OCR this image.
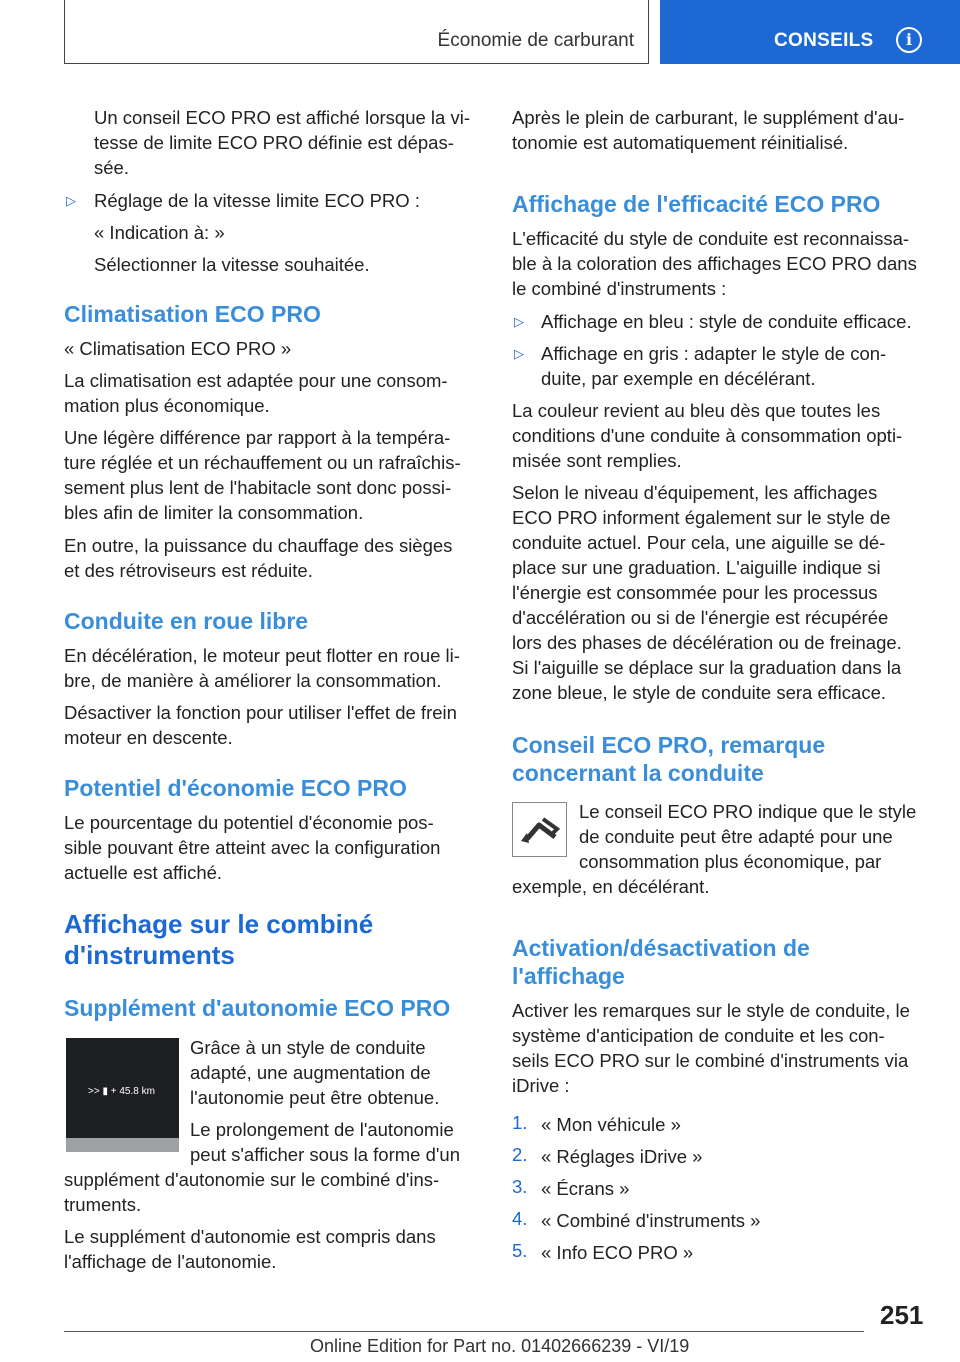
Économie de carburant	CONSEILS	i
Un conseil ECO PRO est affiché lorsque la vi-
tesse de limite ECO PRO définie est dépas-
sée.
▷ Réglage de la vitesse limite ECO PRO :
« Indication à: »
Sélectionner la vitesse souhaitée.
Climatisation ECO PRO
« Climatisation ECO PRO »
La climatisation est adaptée pour une consom-
mation plus économique.
Une légère différence par rapport à la tempéra-
ture réglée et un réchauffement ou un rafraîchis-
sement plus lent de l'habitacle sont donc possi-
bles afin de limiter la consommation.
En outre, la puissance du chauffage des sièges
et des rétroviseurs est réduite.
Conduite en roue libre
En décélération, le moteur peut flotter en roue li-
bre, de manière à améliorer la consommation.
Désactiver la fonction pour utiliser l'effet de frein
moteur en descente.
Potentiel d'économie ECO PRO
Le pourcentage du potentiel d'économie pos-
sible pouvant être atteint avec la configuration
actuelle est affiché.
Affichage sur le combiné
d'instruments
Supplément d'autonomie ECO PRO
>> ▮ + 45.8 km
Grâce à un style de conduite
adapté, une augmentation de
l'autonomie peut être obtenue.
Le prolongement de l'autonomie
peut s'afficher sous la forme d'un
supplément d'autonomie sur le combiné d'ins-
truments.
Le supplément d'autonomie est compris dans
l'affichage de l'autonomie.
Après le plein de carburant, le supplément d'au-
tonomie est automatiquement réinitialisé.
Affichage de l'efficacité ECO PRO
L'efficacité du style de conduite est reconnaissa-
ble à la coloration des affichages ECO PRO dans
le combiné d'instruments :
▷ Affichage en bleu : style de conduite efficace.
▷ Affichage en gris : adapter le style de con-
duite, par exemple en décélérant.
La couleur revient au bleu dès que toutes les
conditions d'une conduite à consommation opti-
misée sont remplies.
Selon le niveau d'équipement, les affichages
ECO PRO informent également sur le style de
conduite actuel. Pour cela, une aiguille se dé-
place sur une graduation. L'aiguille indique si
l'énergie est consommée pour les processus
d'accélération ou si de l'énergie est récupérée
lors des phases de décélération ou de freinage.
Si l'aiguille se déplace sur la graduation dans la
zone bleue, le style de conduite sera efficace.
Conseil ECO PRO, remarque
concernant la conduite
Le conseil ECO PRO indique que le style
de conduite peut être adapté pour une
consommation plus économique, par
exemple, en décélérant.
Activation/désactivation de
l'affichage
Activer les remarques sur le style de conduite, le
système d'anticipation de conduite et les con-
seils ECO PRO sur le combiné d'instruments via
iDrive :
1. « Mon véhicule »
2. « Réglages iDrive »
3. « Écrans »
4. « Combiné d'instruments »
5. « Info ECO PRO »
251
Online Edition for Part no. 01402666239 - VI/19
